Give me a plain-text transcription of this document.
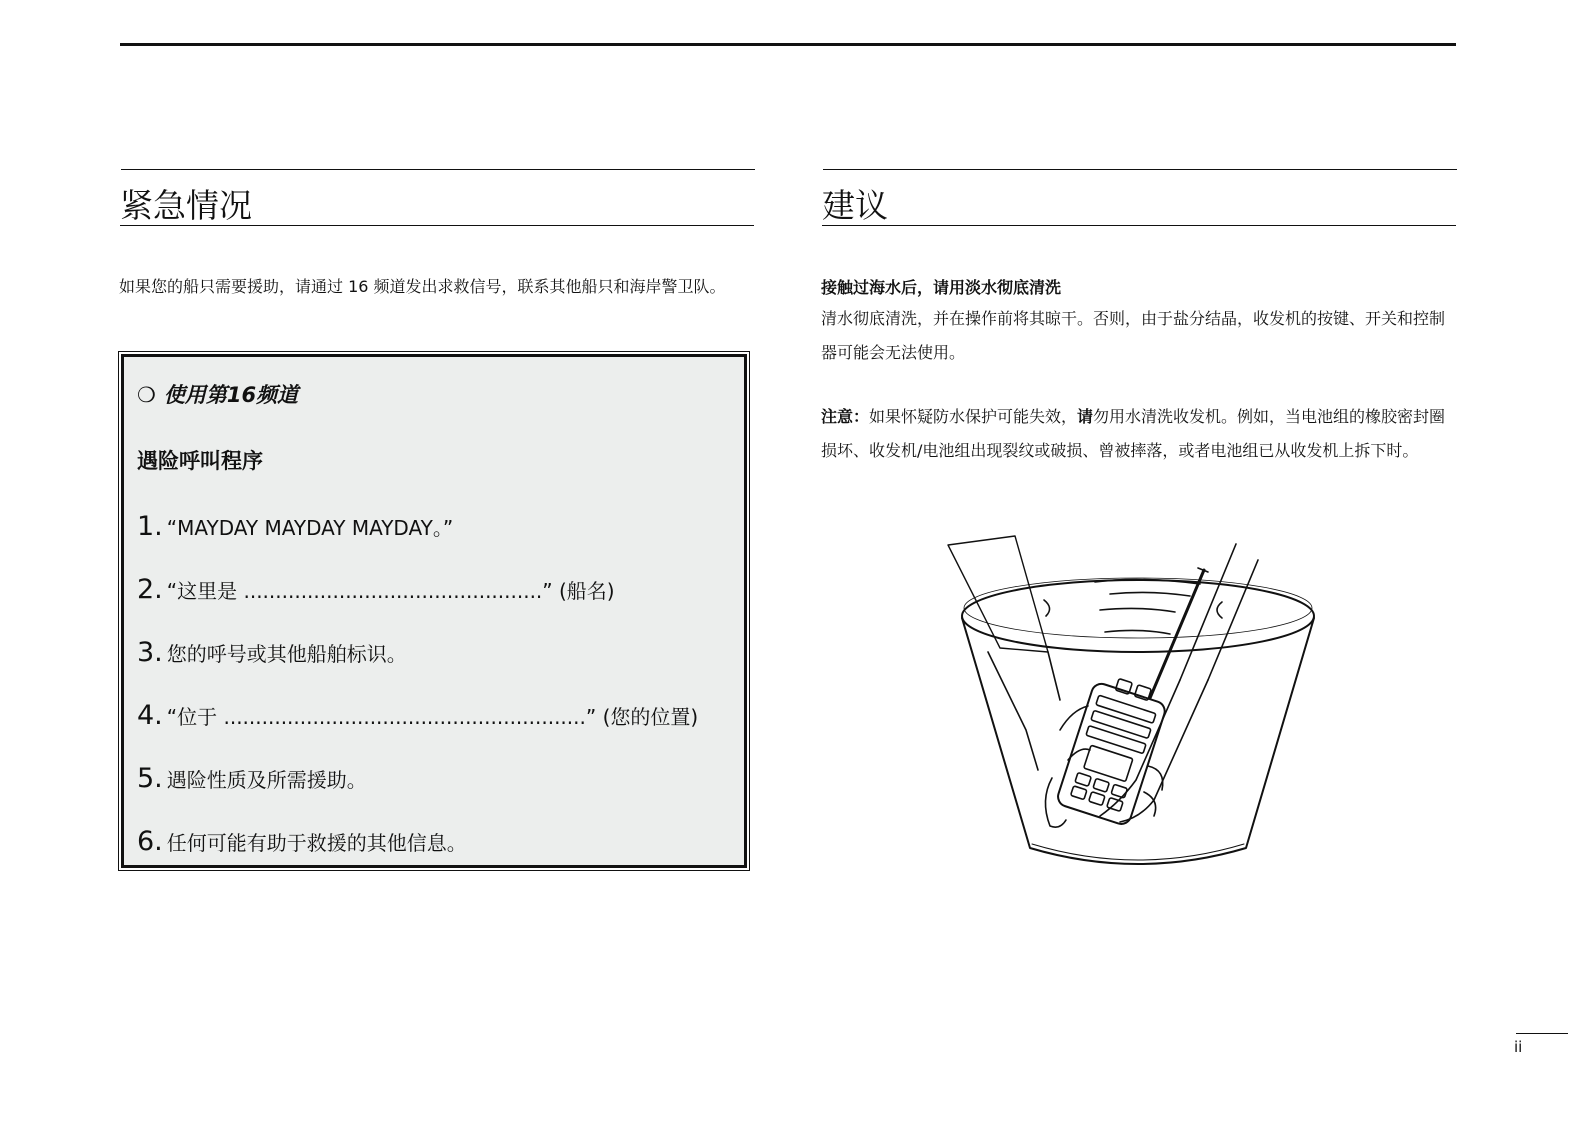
紧急情况
如果您的船只需要援助，请通过 16 频道发出求救信号，联系其他船只和海岸警卫队。
❍ 使用第16频道
遇险呼叫程序
1. “MAYDAY MAYDAY MAYDAY。”
2. “这里是 ...............................................” (船名)
3. 您的呼号或其他船舶标识。
4. “位于 .........................................................” (您的位置)
5. 遇险性质及所需援助。
6. 任何可能有助于救援的其他信息。
建议
接触过海水后，请用淡水彻底清洗
清水彻底清洗，并在操作前将其晾干。否则，由于盐分结晶，收发机的按键、开关和控制器可能会无法使用。
注意：如果怀疑防水保护可能失效，请勿用水清洗收发机。例如，当电池组的橡胶密封圈损坏、收发机/电池组出现裂纹或破损、曾被摔落，或者电池组已从收发机上拆下时。
ii
